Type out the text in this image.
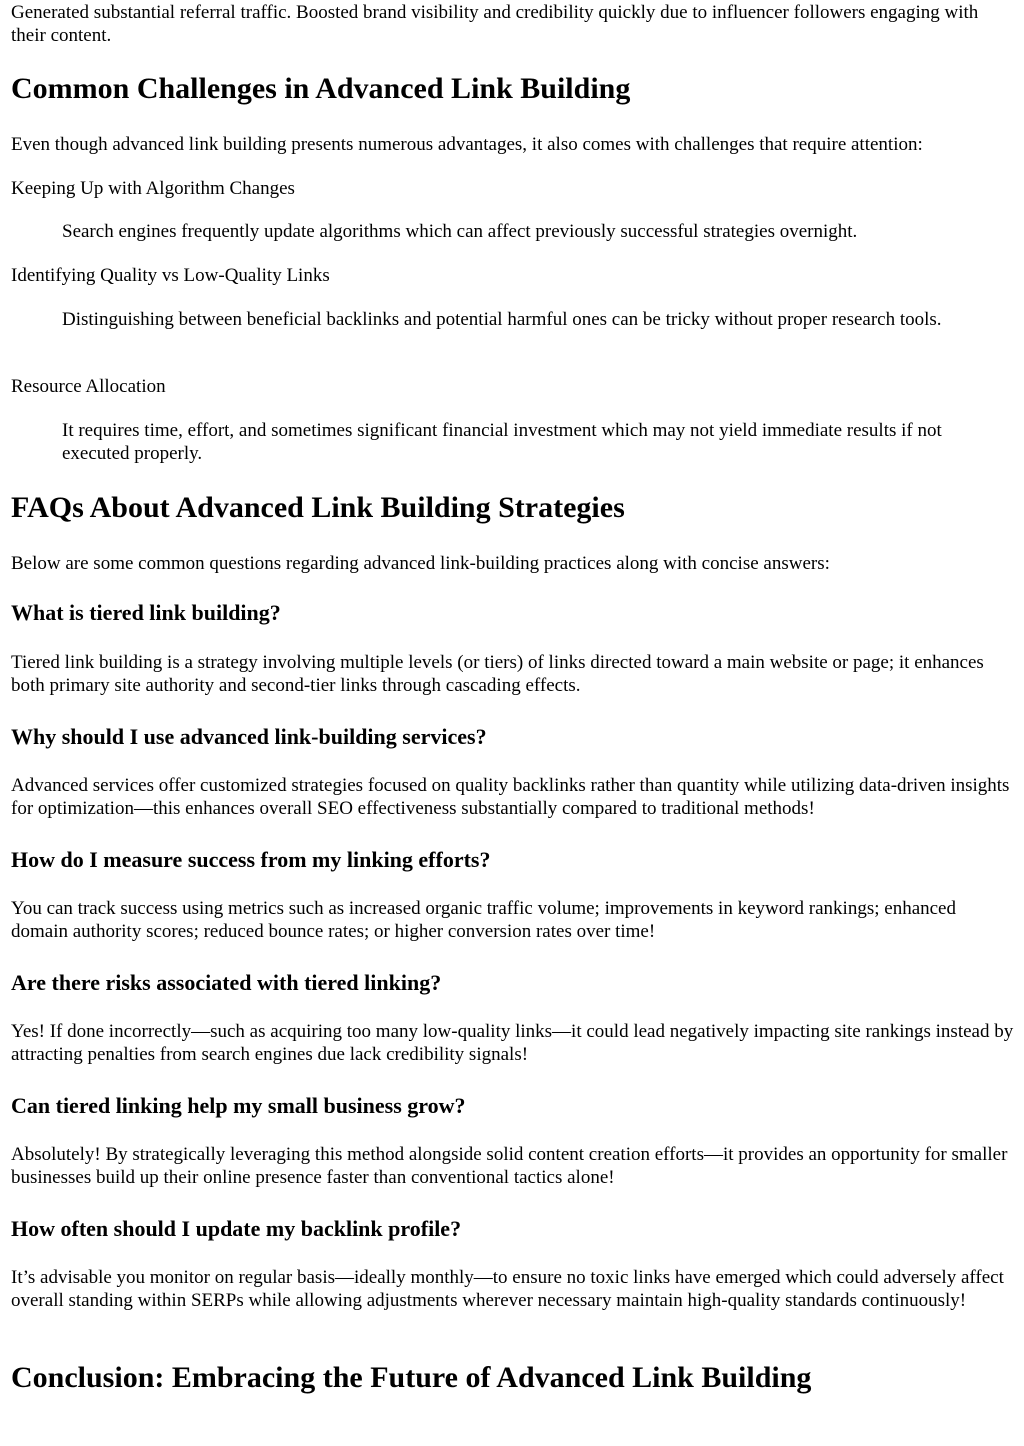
Generated substantial referral traffic. Boosted brand visibility and credibility quickly due to influencer followers engaging with their content.

Common Challenges in Advanced Link Building

Even though advanced link building presents numerous advantages, it also comes with challenges that require attention:

Keeping Up with Algorithm Changes

Search engines frequently update algorithms which can affect previously successful strategies overnight.

Identifying Quality vs Low-Quality Links

Distinguishing between beneficial backlinks and potential harmful ones can be tricky without proper research tools.

Resource Allocation

It requires time, effort, and sometimes significant financial investment which may not yield immediate results if not executed properly.

FAQs About Advanced Link Building Strategies

Below are some common questions regarding advanced link-building practices along with concise answers:

What is tiered link building?

Tiered link building is a strategy involving multiple levels (or tiers) of links directed toward a main website or page; it enhances both primary site authority and second-tier links through cascading effects.

Why should I use advanced link-building services?

Advanced services offer customized strategies focused on quality backlinks rather than quantity while utilizing data-driven insights for optimization—this enhances overall SEO effectiveness substantially compared to traditional methods!

How do I measure success from my linking efforts?

You can track success using metrics such as increased organic traffic volume; improvements in keyword rankings; enhanced domain authority scores; reduced bounce rates; or higher conversion rates over time!

Are there risks associated with tiered linking?

Yes! If done incorrectly—such as acquiring too many low-quality links—it could lead negatively impacting site rankings instead by attracting penalties from search engines due lack credibility signals!

Can tiered linking help my small business grow?

Absolutely! By strategically leveraging this method alongside solid content creation efforts—it provides an opportunity for smaller businesses build up their online presence faster than conventional tactics alone!

How often should I update my backlink profile?

It’s advisable you monitor on regular basis—ideally monthly—to ensure no toxic links have emerged which could adversely affect overall standing within SERPs while allowing adjustments wherever necessary maintain high-quality standards continuously!

Conclusion: Embracing the Future of Advanced Link Building
